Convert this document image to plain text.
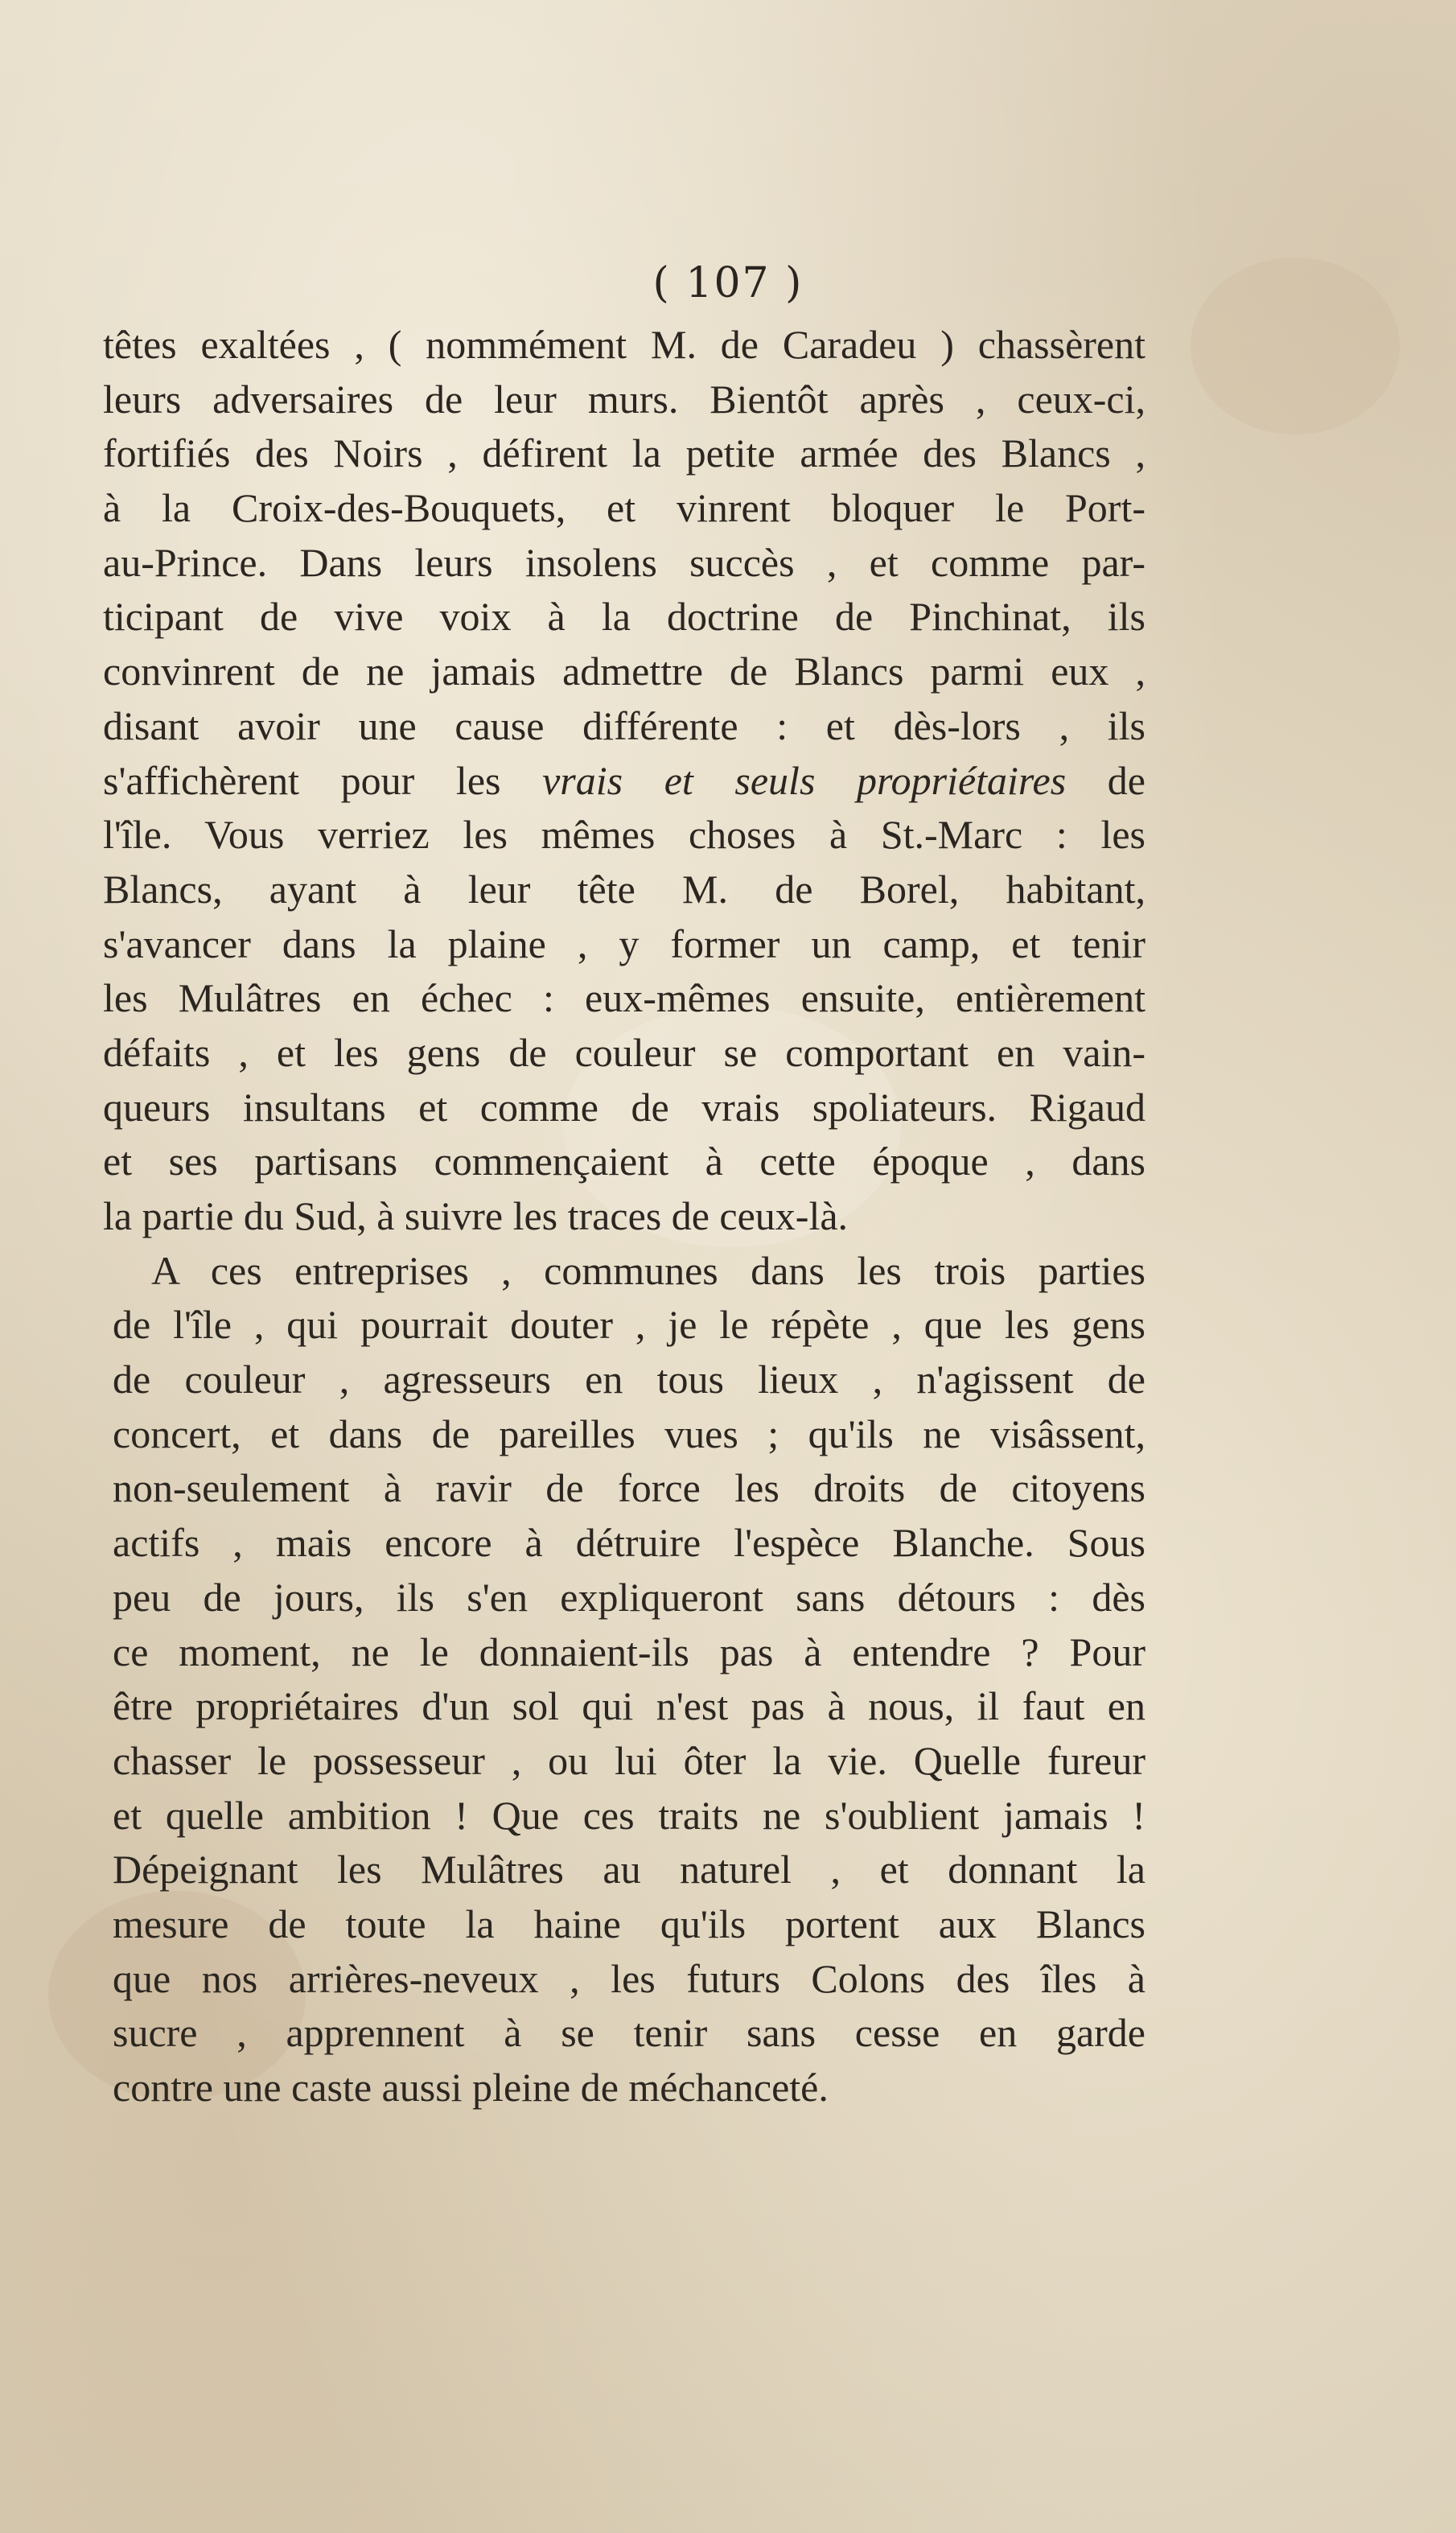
( 107 )
têtes exaltées , ( nommément M. de Caradeu ) chassèrent
leurs adversaires de leur murs. Bientôt après , ceux-ci,
fortifiés des Noirs , défirent la petite armée des Blancs ,
à la Croix-des-Bouquets, et vinrent bloquer le Port-
au-Prince. Dans leurs insolens succès , et comme par-
ticipant de vive voix à la doctrine de Pinchinat, ils
convinrent de ne jamais admettre de Blancs parmi eux ,
disant avoir une cause différente : et dès-lors , ils
s'affichèrent pour les vrais et seuls propriétaires de
l'île. Vous verriez les mêmes choses à St.-Marc : les
Blancs, ayant à leur tête M. de Borel, habitant,
s'avancer dans la plaine , y former un camp, et tenir
les Mulâtres en échec : eux-mêmes ensuite, entièrement
défaits , et les gens de couleur se comportant en vain-
queurs insultans et comme de vrais spoliateurs. Rigaud
et ses partisans commençaient à cette époque , dans
la partie du Sud, à suivre les traces de ceux-là.
A ces entreprises , communes dans les trois parties
de l'île , qui pourrait douter , je le répète , que les gens
de couleur , agresseurs en tous lieux , n'agissent de
concert, et dans de pareilles vues ; qu'ils ne visâssent,
non-seulement à ravir de force les droits de citoyens
actifs , mais encore à détruire l'espèce Blanche. Sous
peu de jours, ils s'en expliqueront sans détours : dès
ce moment, ne le donnaient-ils pas à entendre ? Pour
être propriétaires d'un sol qui n'est pas à nous, il faut en
chasser le possesseur , ou lui ôter la vie. Quelle fureur
et quelle ambition ! Que ces traits ne s'oublient jamais !
Dépeignant les Mulâtres au naturel , et donnant la
mesure de toute la haine qu'ils portent aux Blancs
que nos arrières-neveux , les futurs Colons des îles à
sucre , apprennent à se tenir sans cesse en garde
contre une caste aussi pleine de méchanceté.
